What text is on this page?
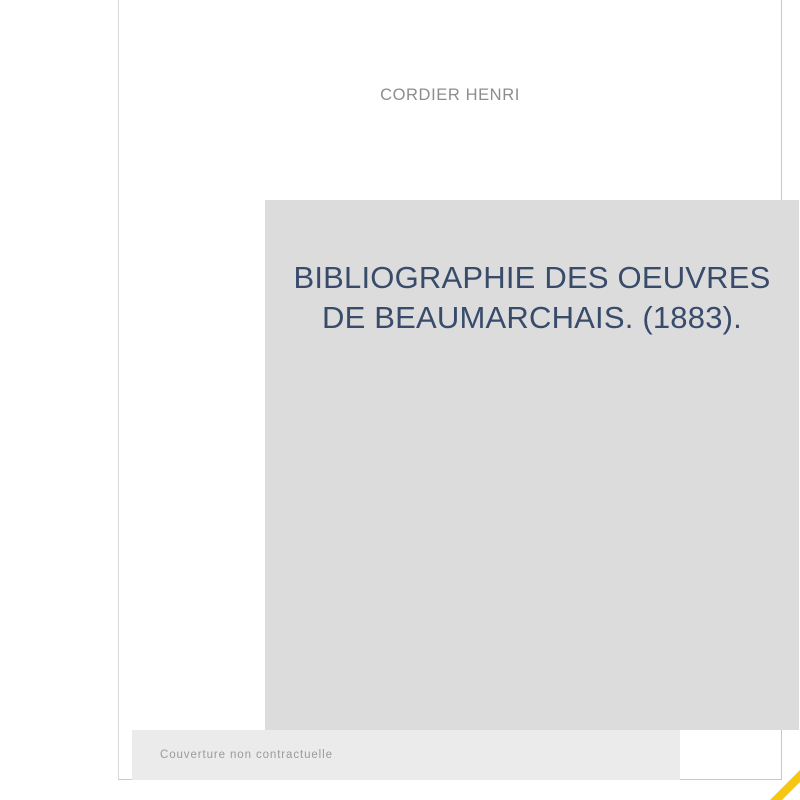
CORDIER HENRI
BIBLIOGRAPHIE DES OEUVRES DE BEAUMARCHAIS. (1883).
Couverture non contractuelle
